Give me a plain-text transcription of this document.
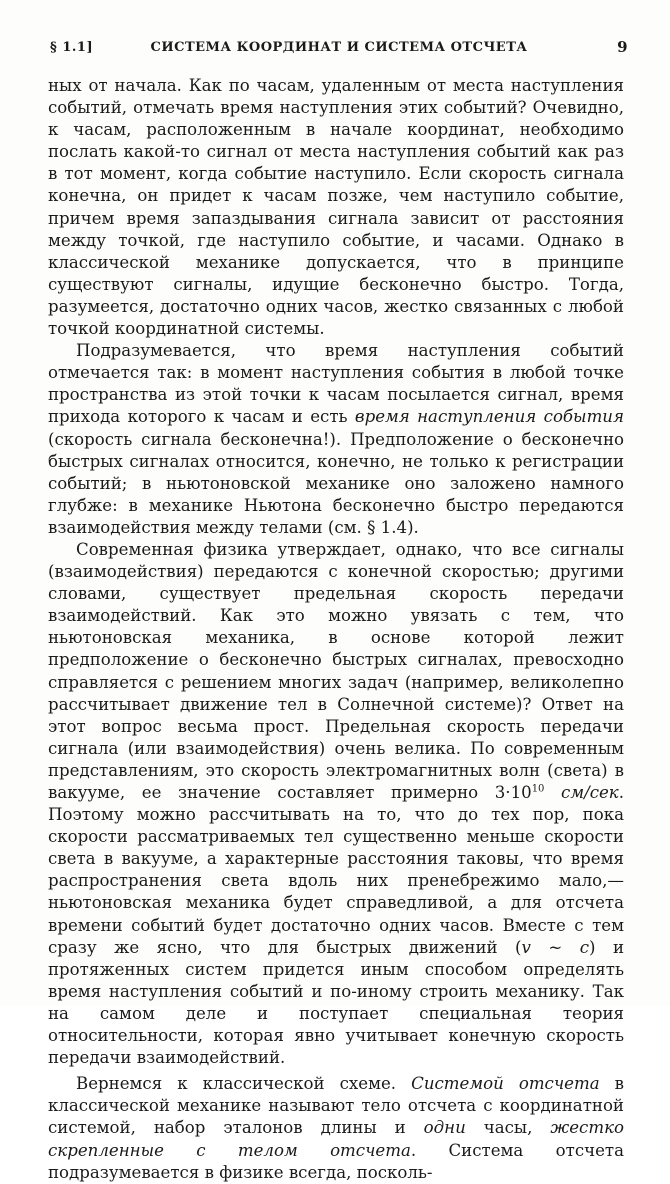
§ 1.1]	СИСТЕМА КООРДИНАТ И СИСТЕМА ОТСЧЕТА	9

ных от начала. Как по часам, удаленным от места наступления событий, отмечать время наступления этих событий? Очевидно, к часам, расположенным в начале координат, необходимо послать какой-то сигнал от места наступления событий как раз в тот момент, когда событие наступило. Если скорость сигнала конечна, он придет к часам позже, чем наступило событие, причем время запаздывания сигнала зависит от расстояния между точкой, где наступило событие, и часами. Однако в классической механике допускается, что в принципе существуют сигналы, идущие бесконечно быстро. Тогда, разумеется, достаточно одних часов, жестко связанных с любой точкой координатной системы.

Подразумевается, что время наступления событий отмечается так: в момент наступления события в любой точке пространства из этой точки к часам посылается сигнал, время прихода которого к часам и есть время наступления события (скорость сигнала бесконечна!). Предположение о бесконечно быстрых сигналах относится, конечно, не только к регистрации событий; в ньютоновской механике оно заложено намного глубже: в механике Ньютона бесконечно быстро передаются взаимодействия между телами (см. § 1.4).

Современная физика утверждает, однако, что все сигналы (взаимодействия) передаются с конечной скоростью; другими словами, существует предельная скорость передачи взаимодействий. Как это можно увязать с тем, что ньютоновская механика, в основе которой лежит предположение о бесконечно быстрых сигналах, превосходно справляется с решением многих задач (например, великолепно рассчитывает движение тел в Солнечной системе)? Ответ на этот вопрос весьма прост. Предельная скорость передачи сигнала (или взаимодействия) очень велика. По современным представлениям, это скорость электромагнитных волн (света) в вакууме, ее значение составляет примерно $3\cdot 10^{10}$ см/сек. Поэтому можно рассчитывать на то, что до тех пор, пока скорости рассматриваемых тел существенно меньше скорости света в вакууме, а характерные расстояния таковы, что время распространения света вдоль них пренебрежимо мало,— ньютоновская механика будет справедливой, а для отсчета времени событий будет достаточно одних часов. Вместе с тем сразу же ясно, что для быстрых движений (v ~ c) и протяженных систем придется иным способом определять время наступления событий и по-иному строить механику. Так на самом деле и поступает специальная теория относительности, которая явно учитывает конечную скорость передачи взаимодействий.

Вернемся к классической схеме. Системой отсчета в классической механике называют тело отсчета с координатной системой, набор эталонов длины и одни часы, жестко скрепленные с телом отсчета. Система отсчета подразумевается в физике всегда, посколь-
